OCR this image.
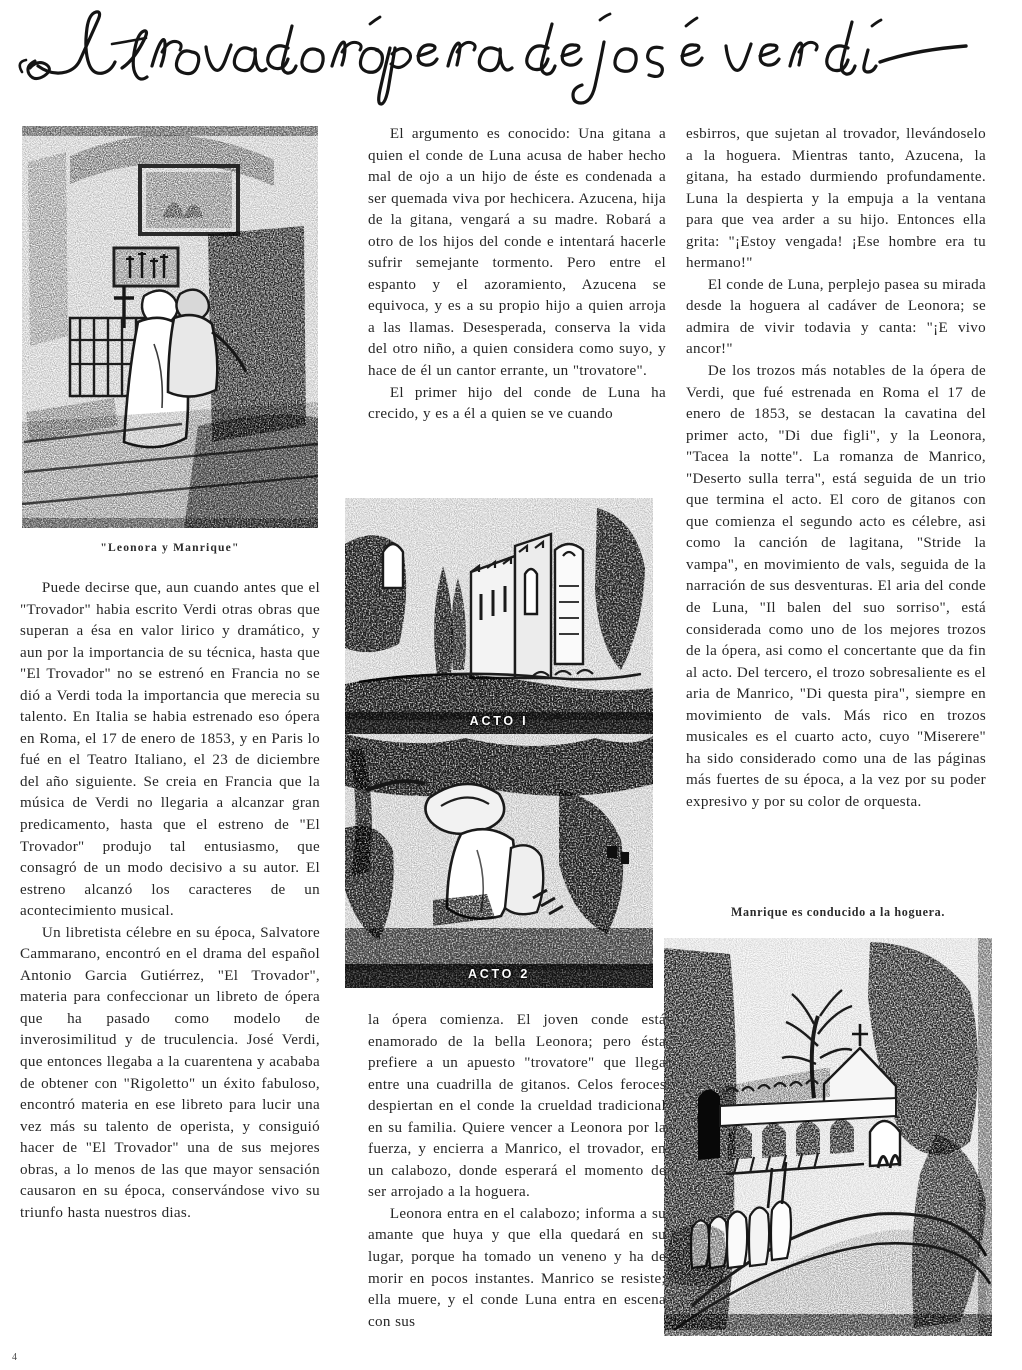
"Leonora y Manrique"
ACTO I
ACTO 2
Manrique es conducido a la hoguera.

Puede decirse que, aun cuando antes que el "Trovador" habia escrito Verdi otras obras que superan a ésa en valor lirico y dramático, y aun por la importancia de su técnica, hasta que "El Trovador" no se estrenó en Francia no se dió a Verdi toda la importancia que merecia su talento. En Italia se habia estrenado eso ópera en Roma, el 17 de enero de 1853, y en Paris lo fué en el Teatro Italiano, el 23 de diciembre del año siguiente. Se creia en Francia que la música de Verdi no llegaria a alcanzar gran predicamento, hasta que el estreno de "El Trovador" produjo tal entusiasmo, que consagró de un modo decisivo a su autor. El estreno alcanzó los caracteres de un acontecimiento musical.

Un libretista célebre en su época, Salvatore Cammarano, encontró en el drama del español Antonio Garcia Gutiérrez, "El Trovador", materia para confeccionar un libreto de ópera que ha pasado como modelo de inverosimilitud y de truculencia. José Verdi, que entonces llegaba a la cuarentena y acababa de obtener con "Rigoletto" un éxito fabuloso, encontró materia en ese libreto para lucir una vez más su talento de operista, y consiguió hacer de "El Trovador" una de sus mejores obras, a lo menos de las que mayor sensación causaron en su época, conservándose vivo su triunfo hasta nuestros dias.

El argumento es conocido: Una gitana a quien el conde de Luna acusa de haber hecho mal de ojo a un hijo de éste es condenada a ser quemada viva por hechicera. Azucena, hija de la gitana, vengará a su madre. Robará a otro de los hijos del conde e intentará hacerle sufrir semejante tormento. Pero entre el espanto y el azoramiento, Azucena se equivoca, y es a su propio hijo a quien arroja a las llamas. Desesperada, conserva la vida del otro niño, a quien considera como suyo, y hace de él un cantor errante, un "trovatore".

El primer hijo del conde de Luna ha crecido, y es a él a quien se ve cuando

la ópera comienza. El joven conde está enamorado de la bella Leonora; pero ésta prefiere a un apuesto "trovatore" que llega entre una cuadrilla de gitanos. Celos feroces despiertan en el conde la crueldad tradicional en su familia. Quiere vencer a Leonora por la fuerza, y encierra a Manrico, el trovador, en un calabozo, donde esperará el momento de ser arrojado a la hoguera.

Leonora entra en el calabozo; informa a su amante que huya y que ella quedará en su lugar, porque ha tomado un veneno y ha de morir en pocos instantes. Manrico se resiste; ella muere, y el conde Luna entra en escena con sus

esbirros, que sujetan al trovador, llevándoselo a la hoguera. Mientras tanto, Azucena, la gitana, ha estado durmiendo profundamente. Luna la despierta y la empuja a la ventana para que vea arder a su hijo. Entonces ella grita: "¡Estoy vengada! ¡Ese hombre era tu hermano!"

El conde de Luna, perplejo pasea su mirada desde la hoguera al cadáver de Leonora; se admira de vivir todavia y canta: "¡E vivo ancor!"

De los trozos más notables de la ópera de Verdi, que fué estrenada en Roma el 17 de enero de 1853, se destacan la cavatina del primer acto, "Di due figli", y la Leonora, "Tacea la notte". La romanza de Manrico, "Deserto sulla terra", está seguida de un trio que termina el acto. El coro de gitanos con que comienza el segundo acto es célebre, asi como la canción de lagitana, "Stride la vampa", en movimiento de vals, seguida de la narración de sus desventuras. El aria del conde de Luna, "Il balen del suo sorriso", está considerada como uno de los mejores trozos de la ópera, asi como el concertante que da fin al acto. Del tercero, el trozo sobresaliente es el aria de Manrico, "Di questa pira", siempre en movimiento de vals. Más rico en trozos musicales es el cuarto acto, cuyo "Miserere" ha sido considerado como una de las páginas más fuertes de su época, a la vez por su poder expresivo y por su color de orquesta.

4
